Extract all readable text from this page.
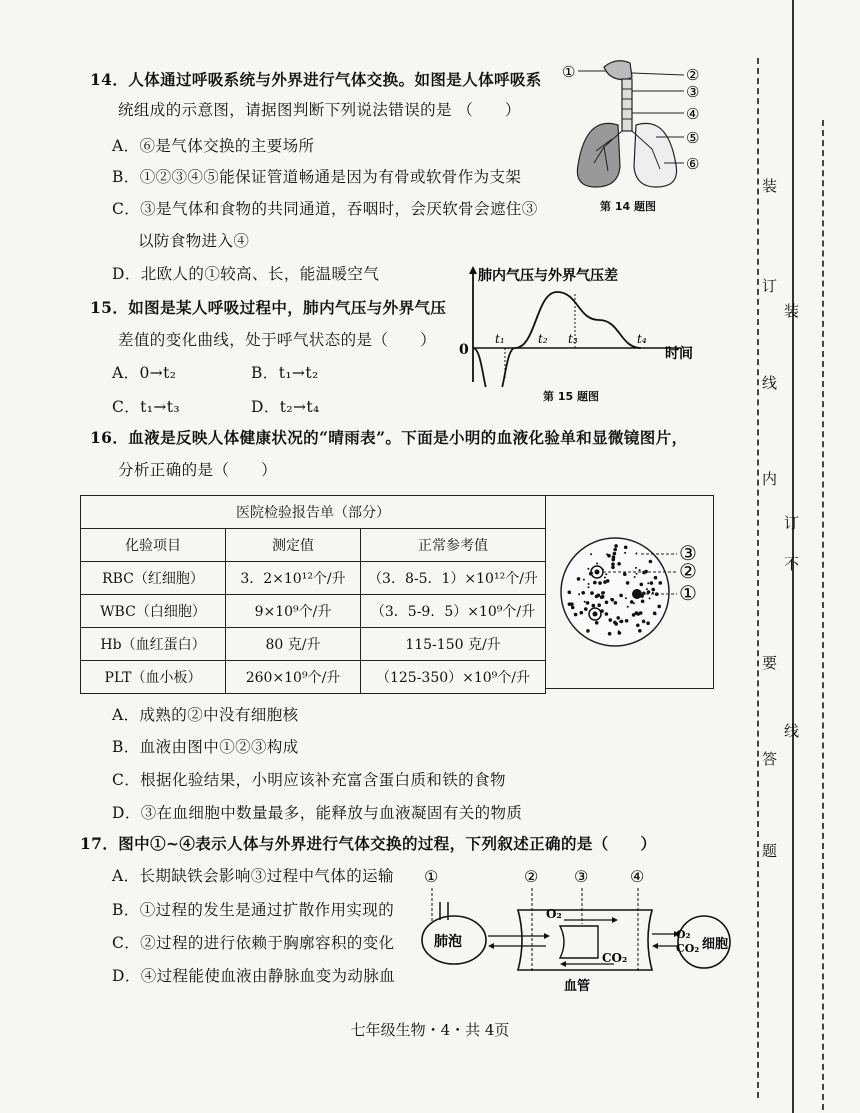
14．人体通过呼吸系统与外界进行气体交换。如图是人体呼吸系
统组成的示意图，请据图判断下列说法错误的是 （　　）
A．⑥是气体交换的主要场所
B．①②③④⑤能保证管道畅通是因为有骨或软骨作为支架
C．③是气体和食物的共同通道，吞咽时，会厌软骨会遮住③
以防食物进入④
D．北欧人的①较高、长，能温暖空气
①	②
③
④
⑤
⑥
第 14 题图
15．如图是某人呼吸过程中，肺内气压与外界气压
差值的变化曲线，处于呼气状态的是（　　）
A．0→t₂	B．t₁→t₂
C．t₁→t₃	D．t₂→t₄
肺内气压与外界气压差
0	时间
t₁	t₂ t₃	t₄
第 15 题图
16．血液是反映人体健康状况的“晴雨表”。下面是小明的血液化验单和显微镜图片，
分析正确的是（　　）
医院检验报告单（部分）		
化验项目	测定值	正常参考值
RBC（红细胞）	3．2×10¹²个/升	（3．8-5．1）×10¹²个/升
WBC（白细胞）	9×10⁹个/升	（3．5-9．5）×10⁹个/升
Hb（血红蛋白）	80 克/升	115-150 克/升
PLT（血小板）	260×10⁹个/升	（125-350）×10⁹个/升
③
②
①
A．成熟的②中没有细胞核
B．血液由图中①②③构成
C．根据化验结果，小明应该补充富含蛋白质和铁的食物
D．③在血细胞中数量最多，能释放与血液凝固有关的物质
17．图中①~④表示人体与外界进行气体交换的过程，下列叙述正确的是（　　）
A．长期缺铁会影响③过程中气体的运输
B．①过程的发生是通过扩散作用实现的
C．②过程的进行依赖于胸廓容积的变化
D．④过程能使血液由静脉血变为动脉血
①	② ③	④
肺泡
O₂
CO₂
O₂
CO₂ 细胞
血管
七年级生物・4・共 4页
装
订
线
内
装
订
不
要
线
答
题
